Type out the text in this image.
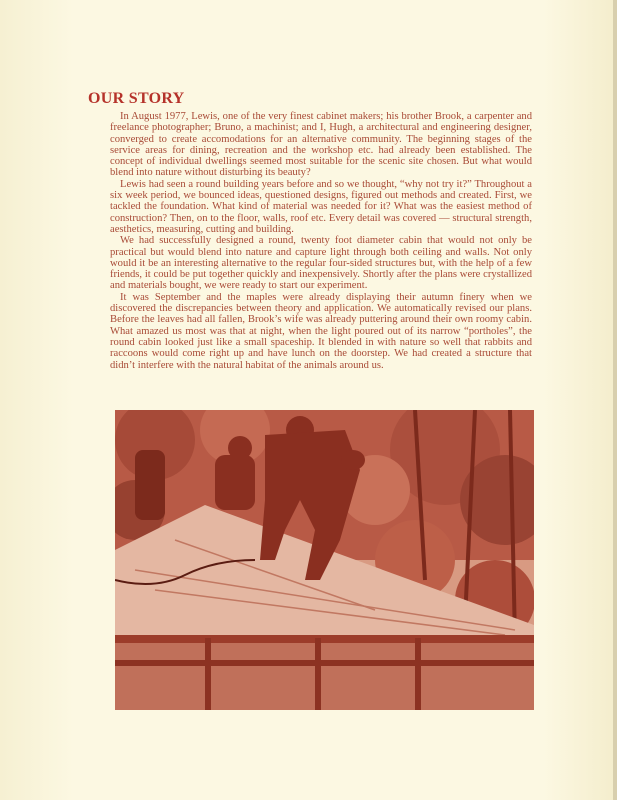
OUR STORY

In August 1977, Lewis, one of the very finest cabinet makers; his brother Brook, a carpenter and freelance photographer; Bruno, a machinist; and I, Hugh, a architectural and engineering designer, converged to create accomodations for an alternative community. The beginning stages of the service areas for dining, recreation and the workshop etc. had already been established. The concept of individual dwellings seemed most suitable for the scenic site chosen. But what would blend into nature without disturbing its beauty?

Lewis had seen a round building years before and so we thought, “why not try it?” Throughout a six week period, we bounced ideas, questioned designs, figured out methods and created. First, we tackled the foundation. What kind of material was needed for it? What was the easiest method of construction? Then, on to the floor, walls, roof etc. Every detail was covered — structural strength, aesthetics, measuring, cutting and building.

We had successfully designed a round, twenty foot diameter cabin that would not only be practical but would blend into nature and capture light through both ceiling and walls. Not only would it be an interesting alternative to the regular four-sided structures but, with the help of a few friends, it could be put together quickly and inexpensively. Shortly after the plans were crystallized and materials bought, we were ready to start our experiment.

It was September and the maples were already displaying their autumn finery when we discovered the discrepancies between theory and application. We automatically revised our plans. Before the leaves had all fallen, Brook’s wife was already puttering around their own roomy cabin. What amazed us most was that at night, when the light poured out of its narrow “portholes”, the round cabin looked just like a small spaceship. It blended in with nature so well that rabbits and raccoons would come right up and have lunch on the doorstep. We had created a structure that didn’t interfere with the natural habitat of the animals around us.
